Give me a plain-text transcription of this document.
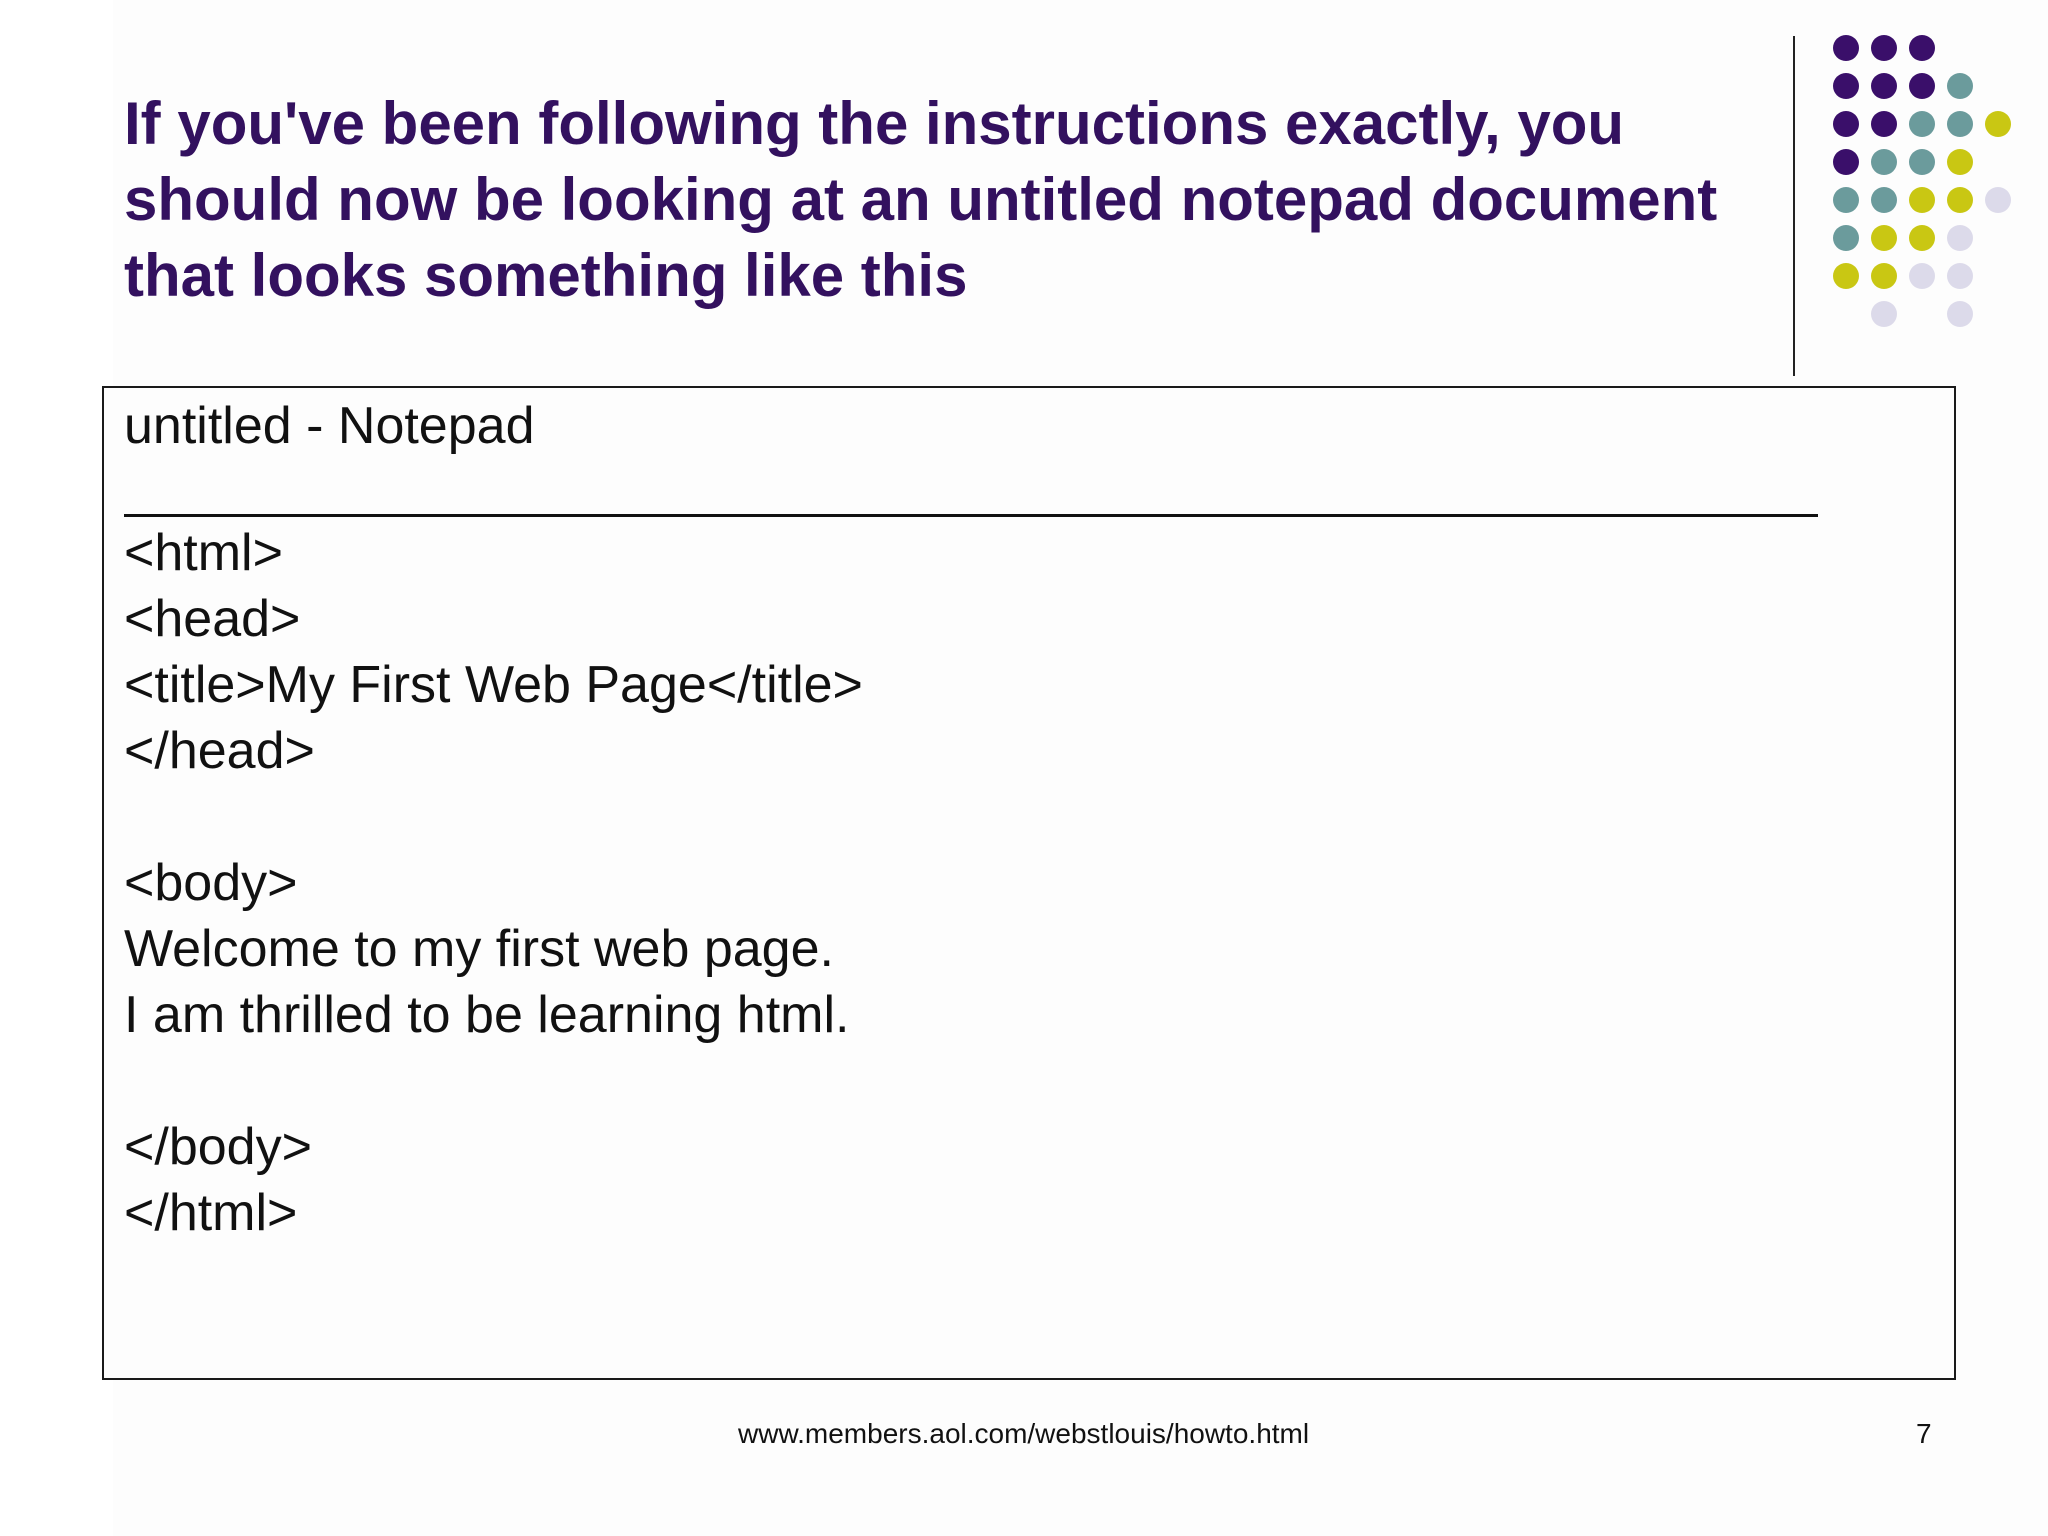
If you've been following the instructions exactly, you should now be looking at an untitled notepad document that looks something like this
untitled - Notepad
<html>
<head>
<title>My First Web Page</title>
</head>
<body>
Welcome to my first web page.
I am thrilled to be learning html.
</body>
</html>
www.members.aol.com/webstlouis/howto.html	7
